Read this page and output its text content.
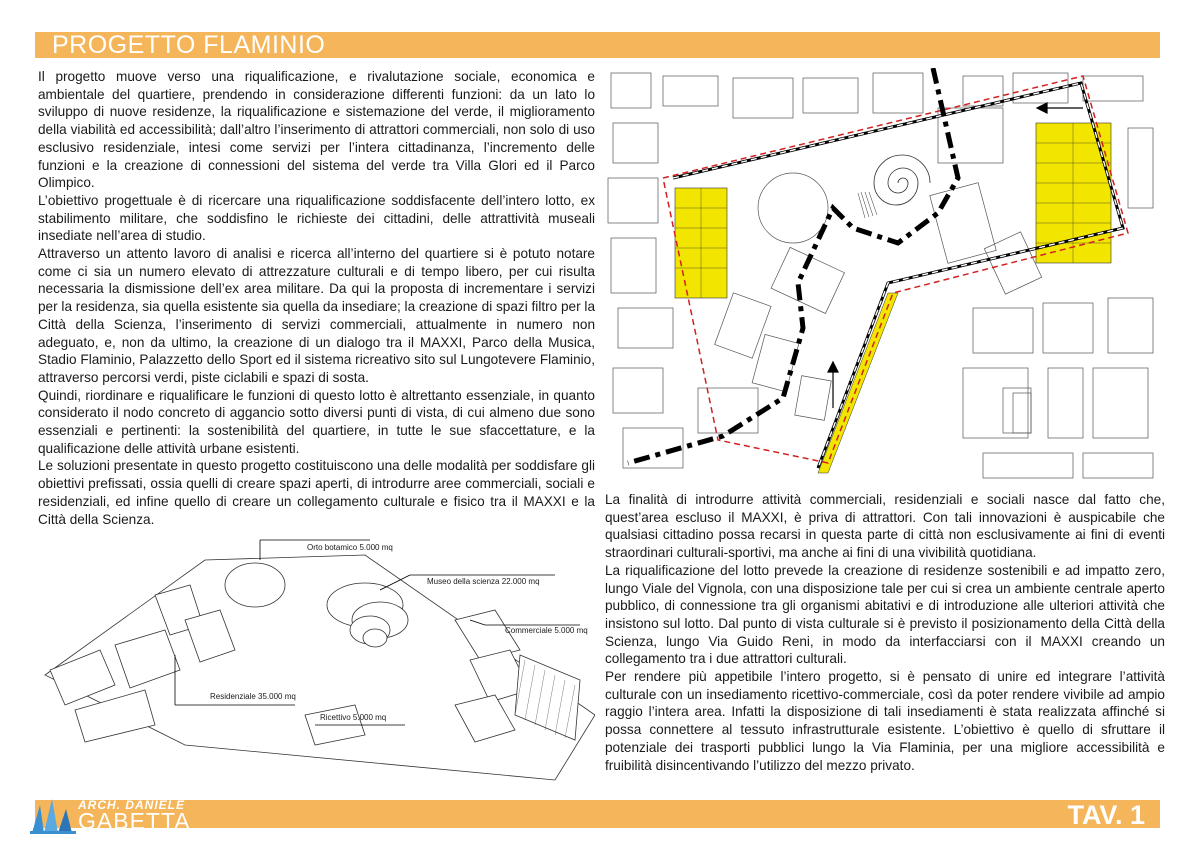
PROGETTO FLAMINIO

Il progetto muove verso una riqualificazione, e rivalutazione sociale, economica e ambientale del quartiere, prendendo in considerazione differenti funzioni: da un lato lo sviluppo di nuove residenze, la riqualificazione e sistemazione del verde, il miglioramento della viabilità ed accessibilità; dall’altro l’inserimento di attrattori commerciali, non solo di uso esclusivo residenziale, intesi come servizi per l’intera cittadinanza, l’incremento delle funzioni e la creazione di connessioni del sistema del verde tra Villa Glori ed il Parco Olimpico.

L’obiettivo progettuale è di ricercare una riqualificazione soddisfacente dell’intero lotto, ex stabilimento militare, che soddisfino le richieste dei cittadini, delle attrattività museali insediate nell’area di studio.

Attraverso un attento lavoro di analisi e ricerca all’interno del quartiere si è potuto notare come ci sia un numero elevato di attrezzature culturali e di tempo libero, per cui risulta necessaria la dismissione dell’ex area militare. Da qui la proposta di incrementare i servizi per la residenza, sia quella esistente sia quella da insediare; la creazione di spazi filtro per la Città della Scienza, l’inserimento di servizi commerciali, attualmente in numero non adeguato, e, non da ultimo, la creazione di un dialogo tra il MAXXI, Parco della Musica, Stadio Flaminio, Palazzetto dello Sport ed il sistema ricreativo sito sul Lungotevere Flaminio, attraverso percorsi verdi, piste ciclabili e spazi di sosta.

Quindi, riordinare e riqualificare le funzioni di questo lotto è altrettanto essenziale, in quanto considerato il nodo concreto di aggancio sotto diversi punti di vista, di cui almeno due sono essenziali e pertinenti: la sostenibilità del quartiere, in tutte le sue sfaccettature, e la qualificazione delle attività urbane esistenti.

Le soluzioni presentate in questo progetto costituiscono una delle modalità per soddisfare gli obiettivi prefissati, ossia quelli di creare spazi aperti, di introdurre aree commerciali, sociali e residenziali, ed infine quello di creare un collegamento culturale e fisico tra il MAXXI e la Città della Scienza.

Orto botamico 5.000 mq
Museo della scienza 22.000 mq
Commerciale 5.000 mq
Residenziale 35.000 mq
Ricettivo 5.000 mq

La finalità di introdurre attività commerciali, residenziali e sociali nasce dal fatto che, quest’area escluso il MAXXI, è priva di attrattori. Con tali innovazioni è auspicabile che qualsiasi cittadino possa recarsi in questa parte di città non esclusivamente ai fini di eventi straordinari culturali-sportivi, ma anche ai fini di una vivibilità quotidiana.

La riqualificazione del lotto prevede la creazione di residenze sostenibili e ad impatto zero, lungo Viale del Vignola, con una disposizione tale per cui si crea un ambiente centrale aperto pubblico, di connessione tra gli organismi abitativi e di introduzione alle ulteriori attività che insistono sul lotto. Dal punto di vista culturale si è previsto il posizionamento della Città della Scienza, lungo Via Guido Reni, in modo da interfacciarsi con il MAXXI creando un collegamento tra i due attrattori culturali.

Per rendere più appetibile l’intero progetto, si è pensato di unire ed integrare l’attività culturale con un insediamento ricettivo-commerciale, così da poter rendere vivibile ad ampio raggio l’intera area. Infatti la disposizione di tali insediamenti è stata realizzata affinché si possa connettere al tessuto infrastrutturale esistente. L’obiettivo è quello di sfruttare il potenziale dei trasporti pubblici lungo la Via Flaminia, per una migliore accessibilità e fruibilità disincentivando l’utilizzo del mezzo privato.

ARCH. DANIELE
GABETTA	TAV. 1
